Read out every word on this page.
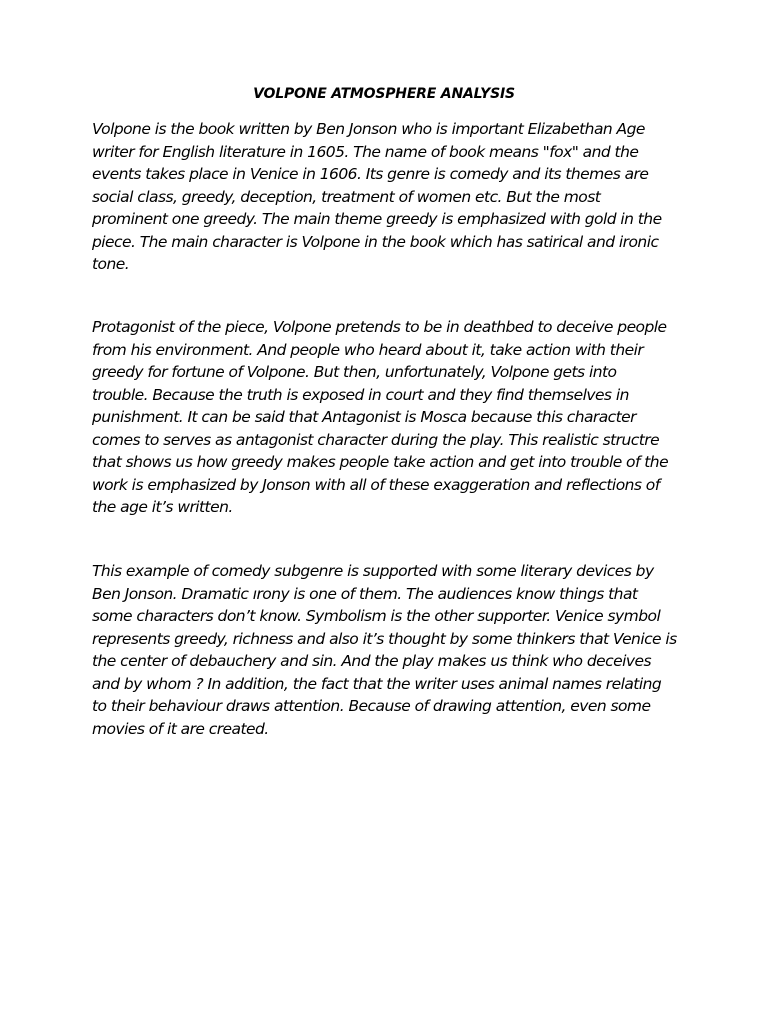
VOLPONE ATMOSPHERE ANALYSIS

Volpone is the book written by Ben Jonson who is important Elizabethan Age
writer for English literature in 1605. The name of book means "fox" and the
events takes place in Venice in 1606. Its genre is comedy and its themes are
social class, greedy, deception, treatment of women etc. But the most
prominent one greedy. The main theme greedy is emphasized with gold in the
piece. The main character is Volpone in the book which has satirical and ironic
tone.

Protagonist of the piece, Volpone pretends to be in deathbed to deceive people
from his environment. And people who heard about it, take action with their
greedy for fortune of Volpone. But then, unfortunately, Volpone gets into
trouble. Because the truth is exposed in court and they find themselves in
punishment. It can be said that Antagonist is Mosca because this character
comes to serves as antagonist character during the play. This realistic structre
that shows us how greedy makes people take action and get into trouble of the
work is emphasized by Jonson with all of these exaggeration and reflections of
the age it’s written.

This example of comedy subgenre is supported with some literary devices by
Ben Jonson. Dramatic ırony is one of them. The audiences know things that
some characters don’t know. Symbolism is the other supporter. Venice symbol
represents greedy, richness and also it’s thought by some thinkers that Venice is
the center of debauchery and sin. And the play makes us think who deceives
and by whom ? In addition, the fact that the writer uses animal names relating
to their behaviour draws attention. Because of drawing attention, even some
movies of it are created.
